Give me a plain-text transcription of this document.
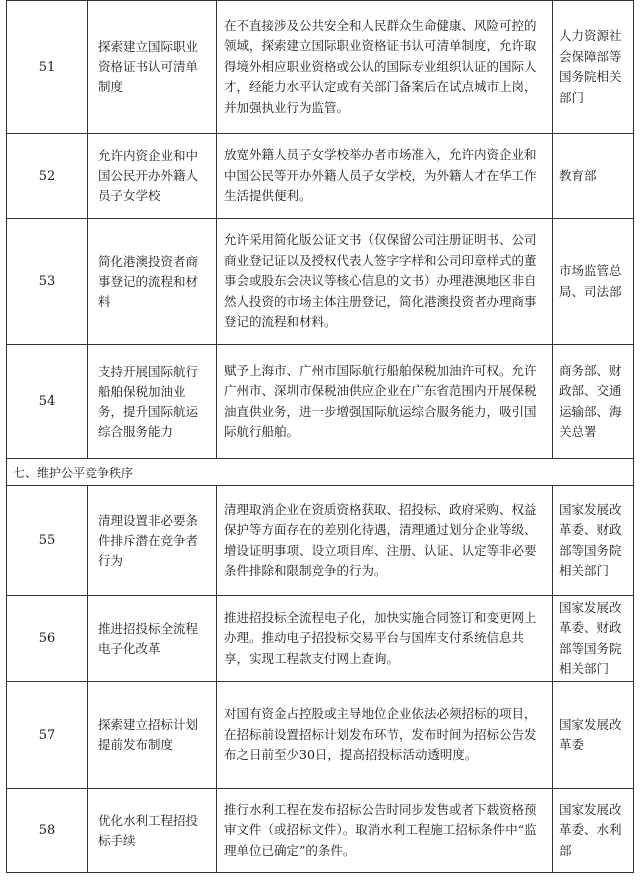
51	探索建立国际职业资格证书认可清单制度	在不直接涉及公共安全和人民群众生命健康、风险可控的领域，探索建立国际职业资格证书认可清单制度，允许取得境外相应职业资格或公认的国际专业组织认证的国际人才，经能力水平认定或有关部门备案后在试点城市上岗，并加强执业行为监管。	人力资源社会保障部等国务院相关部门
52	允许内资企业和中国公民开办外籍人员子女学校	放宽外籍人员子女学校举办者市场准入，允许内资企业和中国公民等开办外籍人员子女学校，为外籍人才在华工作生活提供便利。	教育部
53	简化港澳投资者商事登记的流程和材料	允许采用简化版公证文书（仅保留公司注册证明书、公司商业登记证以及授权代表人签字字样和公司印章样式的董事会或股东会决议等核心信息的文书）办理港澳地区非自然人投资的市场主体注册登记，简化港澳投资者办理商事登记的流程和材料。	市场监管总局、司法部
54	支持开展国际航行船舶保税加油业务，提升国际航运综合服务能力	赋予上海市、广州市国际航行船舶保税加油许可权。允许广州市、深圳市保税油供应企业在广东省范围内开展保税油直供业务，进一步增强国际航运综合服务能力，吸引国际航行船舶。	商务部、财政部、交通运输部、海关总署
七、维护公平竞争秩序			
55	清理设置非必要条件排斥潜在竞争者行为	清理取消企业在资质资格获取、招投标、政府采购、权益保护等方面存在的差别化待遇，清理通过划分企业等级、增设证明事项、设立项目库、注册、认证、认定等非必要条件排除和限制竞争的行为。	国家发展改革委、财政部等国务院相关部门
56	推进招投标全流程电子化改革	推进招投标全流程电子化，加快实施合同签订和变更网上办理。推动电子招投标交易平台与国库支付系统信息共享，实现工程款支付网上查询。	国家发展改革委、财政部等国务院相关部门
57	探索建立招标计划提前发布制度	对国有资金占控股或主导地位企业依法必须招标的项目，在招标前设置招标计划发布环节，发布时间为招标公告发布之日前至少30日，提高招投标活动透明度。	国家发展改革委
58	优化水利工程招投标手续	推行水利工程在发布招标公告时同步发售或者下载资格预审文件（或招标文件）。取消水利工程施工招标条件中“监理单位已确定”的条件。	国家发展改革委、水利部
